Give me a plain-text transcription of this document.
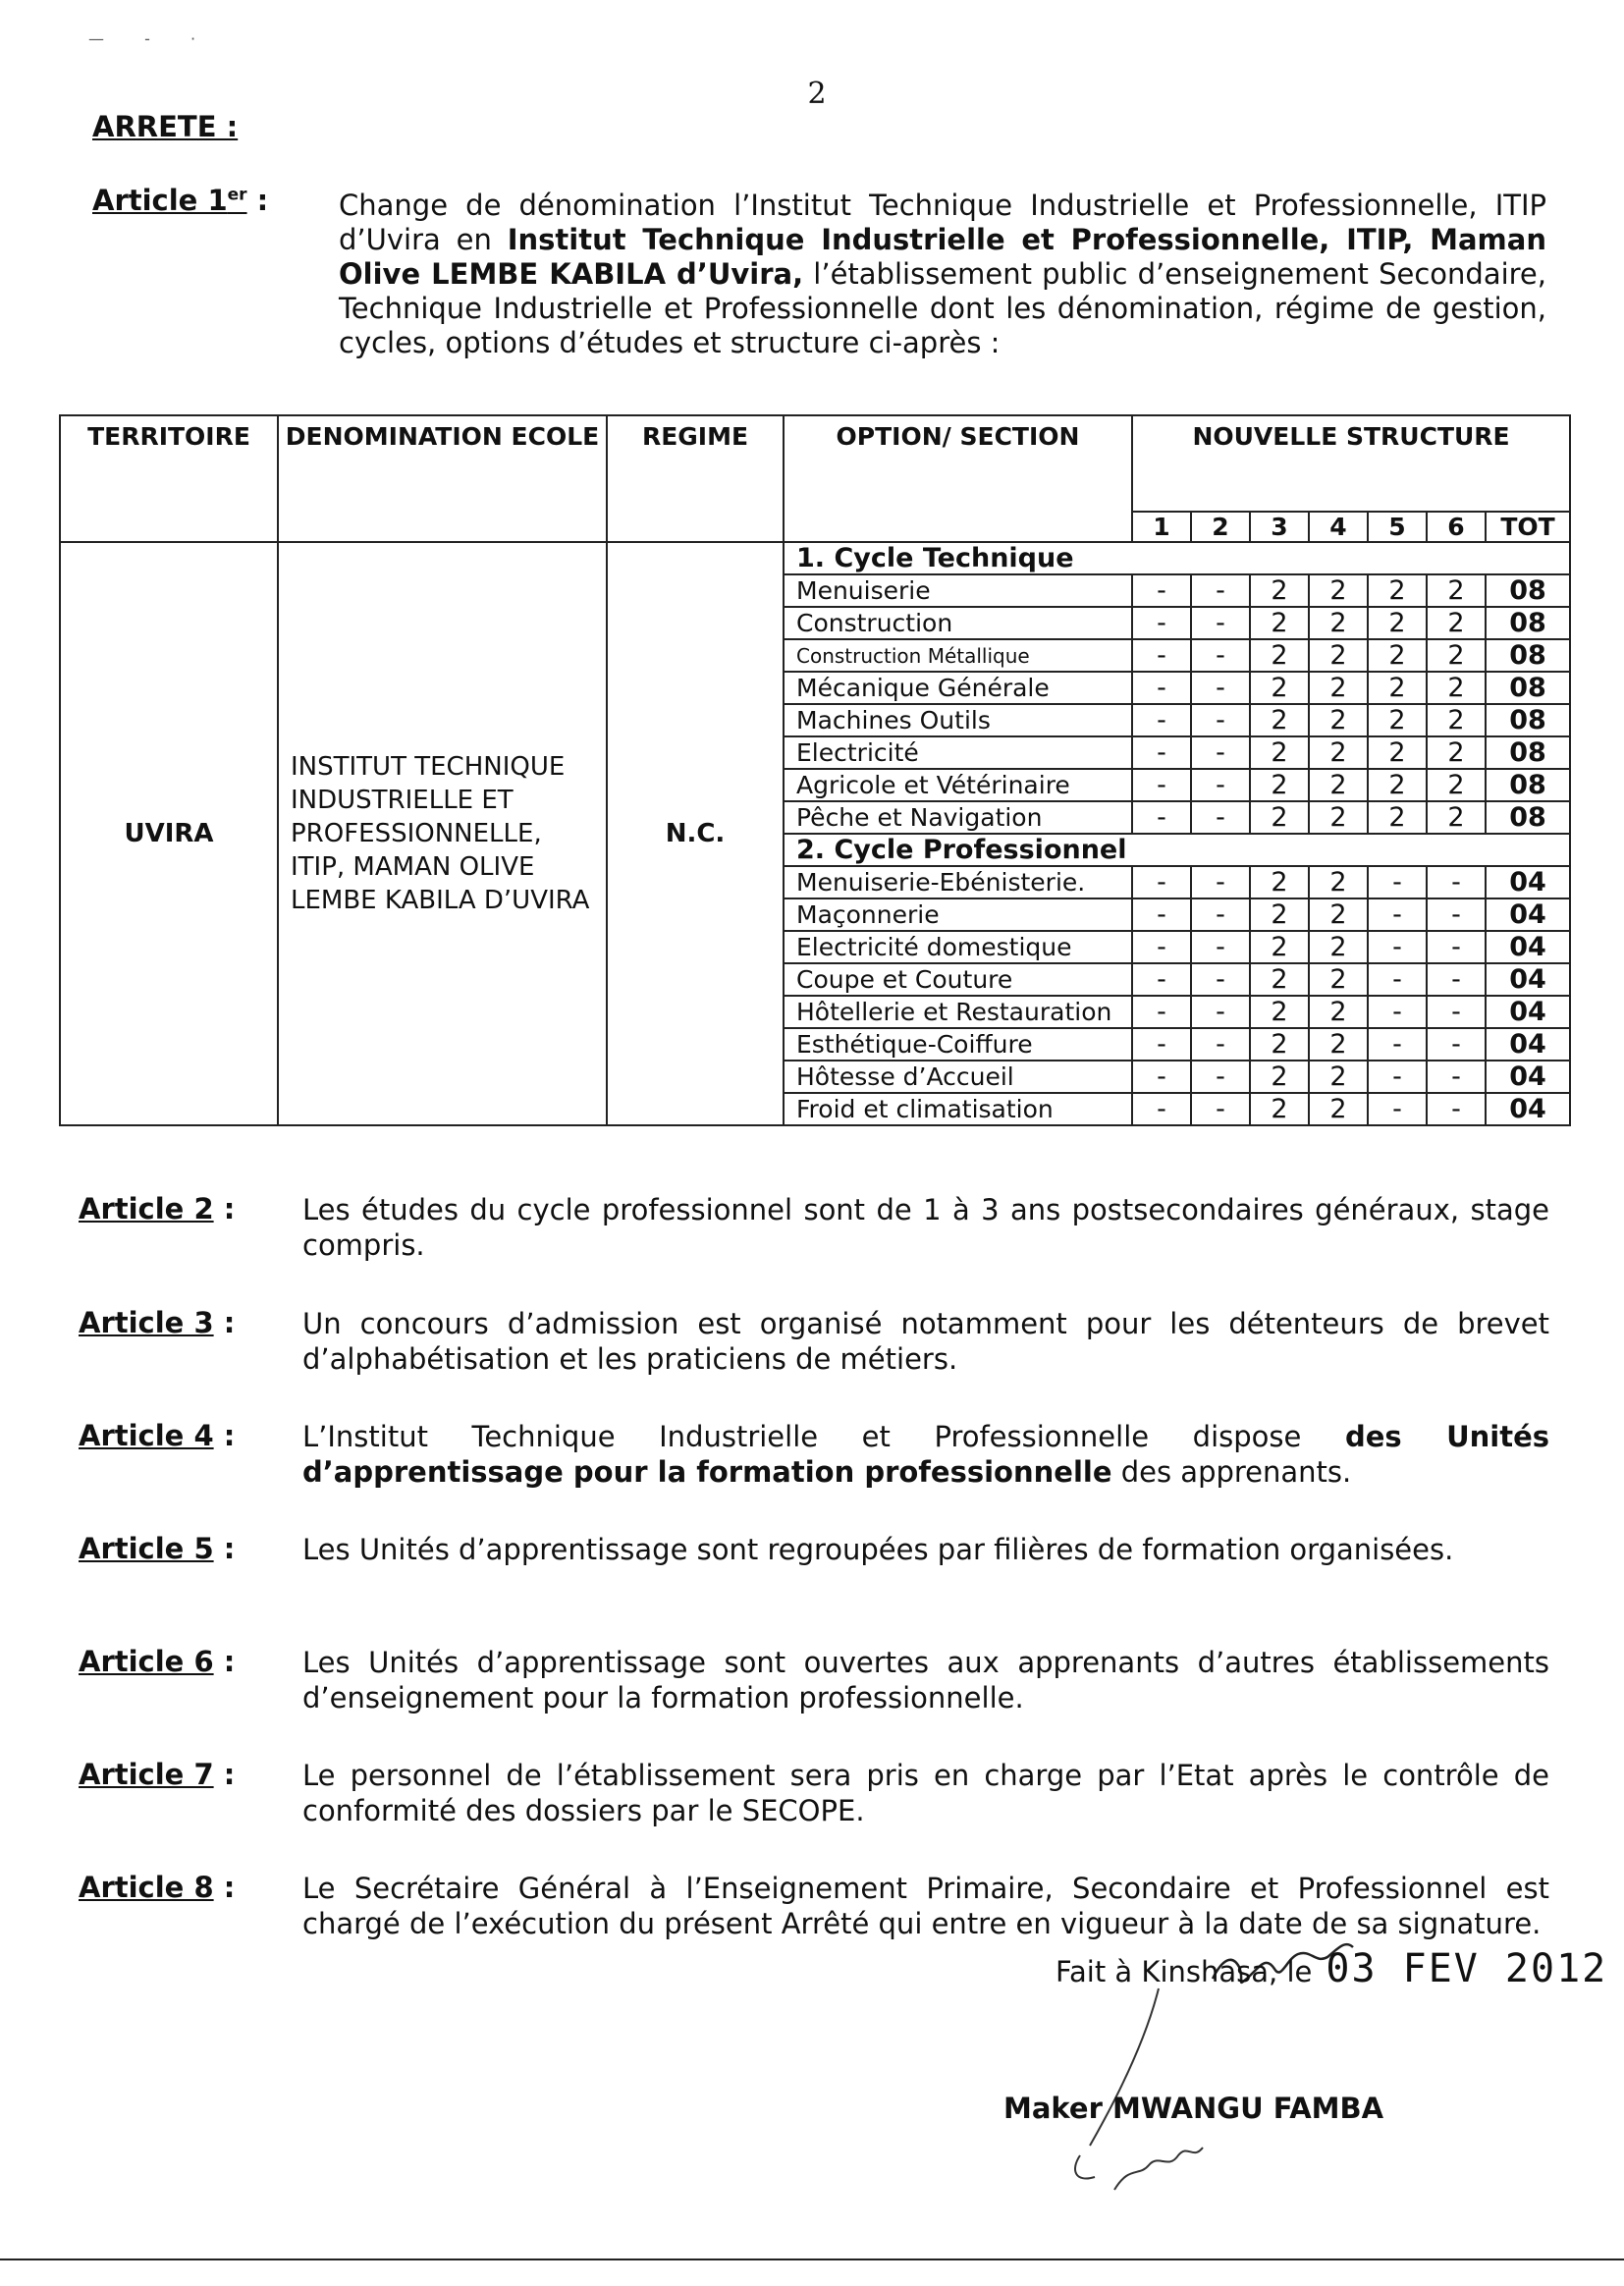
— - ·
2
ARRETE :
Article 1er : Change de dénomination l’Institut Technique Industrielle et Professionnelle, ITIP d’Uvira en Institut Technique Industrielle et Professionnelle, ITIP, Maman Olive LEMBE KABILA d’Uvira, l’établissement public d’enseignement Secondaire, Technique Industrielle et Professionnelle dont les dénomination, régime de gestion, cycles, options d’études et structure ci-après :
TERRITOIRE	DENOMINATION ECOLE	REGIME	OPTION/ SECTION	NOUVELLE STRUCTURE						
				1	2	3	4	5	6	TOT
UVIRA	INSTITUT TECHNIQUE INDUSTRIELLE ET PROFESSIONNELLE, ITIP, MAMAN OLIVE LEMBE KABILA D’UVIRA	N.C.	1. Cycle Technique							
			Menuiserie	-	-	2	2	2	2	08
			Construction	-	-	2	2	2	2	08
			Construction Métallique	-	-	2	2	2	2	08
			Mécanique Générale	-	-	2	2	2	2	08
			Machines Outils	-	-	2	2	2	2	08
			Electricité	-	-	2	2	2	2	08
			Agricole et Vétérinaire	-	-	2	2	2	2	08
			Pêche et Navigation	-	-	2	2	2	2	08
			2. Cycle Professionnel							
			Menuiserie-Ebénisterie.	-	-	2	2	-	-	04
			Maçonnerie	-	-	2	2	-	-	04
			Electricité domestique	-	-	2	2	-	-	04
			Coupe et Couture	-	-	2	2	-	-	04
			Hôtellerie et Restauration	-	-	2	2	-	-	04
			Esthétique-Coiffure	-	-	2	2	-	-	04
			Hôtesse d’Accueil	-	-	2	2	-	-	04
			Froid et climatisation	-	-	2	2	-	-	04
Article 2 : Les études du cycle professionnel sont de 1 à 3 ans postsecondaires généraux, stage compris.
Article 3 : Un concours d’admission est organisé notamment pour les détenteurs de brevet d’alphabétisation et les praticiens de métiers.
Article 4 : L’Institut Technique Industrielle et Professionnelle dispose des Unités d’apprentissage pour la formation professionnelle des apprenants.
Article 5 : Les Unités d’apprentissage sont regroupées par filières de formation organisées.
Article 6 : Les Unités d’apprentissage sont ouvertes aux apprenants d’autres établissements d’enseignement pour la formation professionnelle.
Article 7 : Le personnel de l’établissement sera pris en charge par l’Etat après le contrôle de conformité des dossiers par le SECOPE.
Article 8 : Le Secrétaire Général à l’Enseignement Primaire, Secondaire et Professionnel est chargé de l’exécution du présent Arrêté qui entre en vigueur à la date de sa signature.
Fait à Kinshasa, le 03 FEV 2012
Maker MWANGU FAMBA
